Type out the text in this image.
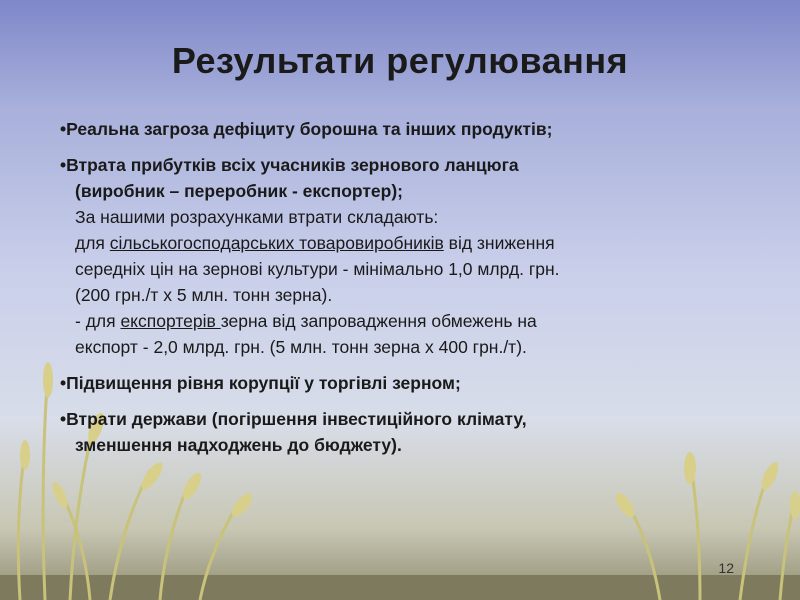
Результати регулювання
•Реальна загроза дефіциту борошна та інших продуктів;
•Втрата прибутків всіх учасників зернового ланцюга
(виробник – переробник - експортер);
За нашими розрахунками втрати складають:
для сільськогосподарських товаровиробників від зниження
середніх цін на зернові культури - мінімально 1,0 млрд. грн.
(200 грн./т х 5 млн. тонн зерна).
- для експортерів зерна від запровадження обмежень на
експорт - 2,0 млрд. грн. (5 млн. тонн зерна х 400 грн./т).
•Підвищення рівня корупції у торгівлі зерном;
•Втрати держави (погіршення інвестиційного клімату,
зменшення надходжень до бюджету).
12
